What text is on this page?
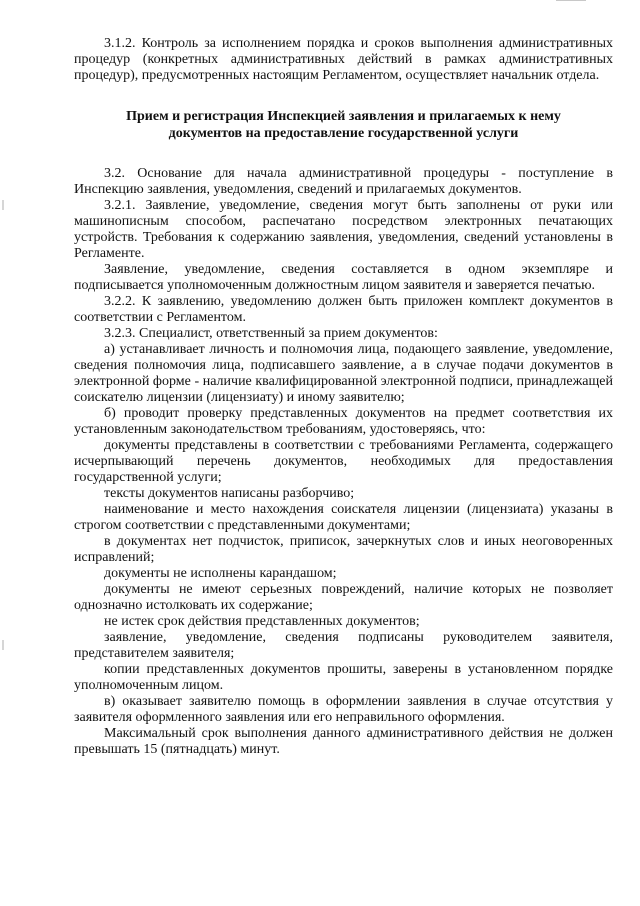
3.1.2. Контроль за исполнением порядка и сроков выполнения административных процедур (конкретных административных действий в рамках административных процедур), предусмотренных настоящим Регламентом, осуществляет начальник отдела.

Прием и регистрация Инспекцией заявления и прилагаемых к нему документов на предоставление государственной услуги

3.2. Основание для начала административной процедуры - поступление в Инспекцию заявления, уведомления, сведений и прилагаемых документов.

3.2.1. Заявление, уведомление, сведения могут быть заполнены от руки или машинописным способом, распечатано посредством электронных печатающих устройств. Требования к содержанию заявления, уведомления, сведений установлены в Регламенте.

Заявление, уведомление, сведения составляется в одном экземпляре и подписывается уполномоченным должностным лицом заявителя и заверяется печатью.

3.2.2. К заявлению, уведомлению должен быть приложен комплект документов в соответствии с Регламентом.

3.2.3. Специалист, ответственный за прием документов:

а) устанавливает личность и полномочия лица, подающего заявление, уведомление, сведения полномочия лица, подписавшего заявление, а в случае подачи документов в электронной форме - наличие квалифицированной электронной подписи, принадлежащей соискателю лицензии (лицензиату) и иному заявителю;

б) проводит проверку представленных документов на предмет соответствия их установленным законодательством требованиям, удостоверяясь, что:

документы представлены в соответствии с требованиями Регламента, содержащего исчерпывающий перечень документов, необходимых для предоставления государственной услуги;

тексты документов написаны разборчиво;

наименование и место нахождения соискателя лицензии (лицензиата) указаны в строгом соответствии с представленными документами;

в документах нет подчисток, приписок, зачеркнутых слов и иных неоговоренных исправлений;

документы не исполнены карандашом;

документы не имеют серьезных повреждений, наличие которых не позволяет однозначно истолковать их содержание;

не истек срок действия представленных документов;

заявление, уведомление, сведения подписаны руководителем заявителя, представителем заявителя;

копии представленных документов прошиты, заверены в установленном порядке уполномоченным лицом.

в) оказывает заявителю помощь в оформлении заявления в случае отсутствия у заявителя оформленного заявления или его неправильного оформления.

Максимальный срок выполнения данного административного действия не должен превышать 15 (пятнадцать) минут.
